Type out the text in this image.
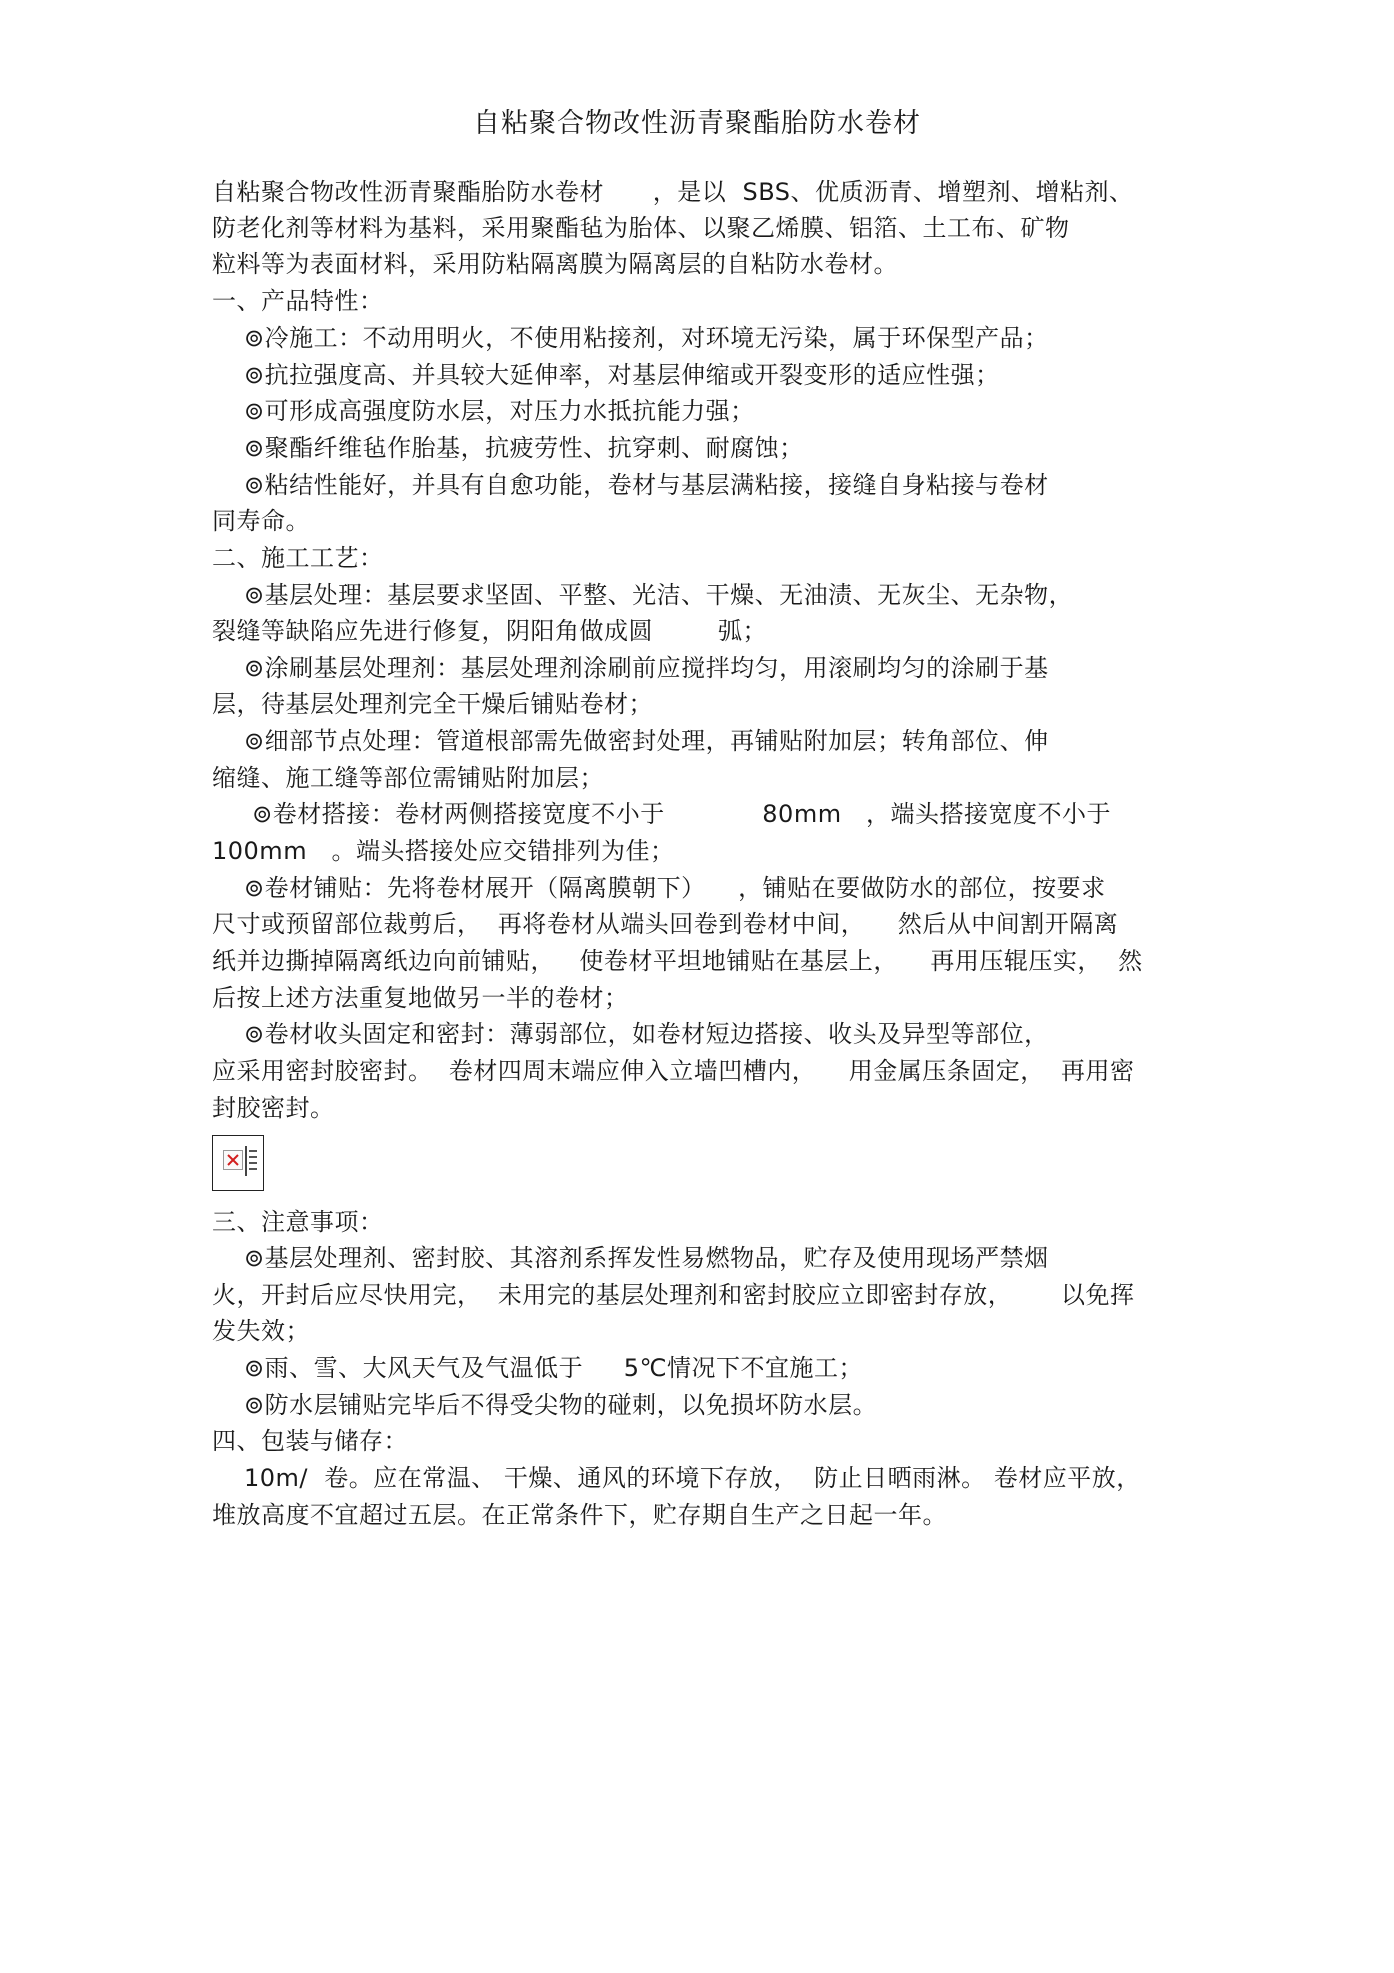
自粘聚合物改性沥青聚酯胎防水卷材
自粘聚合物改性沥青聚酯胎防水卷材      ，是以  SBS、优质沥青、增塑剂、增粘剂、
防老化剂等材料为基料，采用聚酯毡为胎体、以聚乙烯膜、铝箔、土工布、矿物
粒料等为表面材料，采用防粘隔离膜为隔离层的自粘防水卷材。
一、产品特性：
⊚冷施工：不动用明火，不使用粘接剂，对环境无污染，属于环保型产品；
⊚抗拉强度高、并具较大延伸率，对基层伸缩或开裂变形的适应性强；
⊚可形成高强度防水层，对压力水抵抗能力强；
⊚聚酯纤维毡作胎基，抗疲劳性、抗穿刺、耐腐蚀；
⊚粘结性能好，并具有自愈功能，卷材与基层满粘接，接缝自身粘接与卷材
同寿命。
二、施工工艺：
⊚基层处理：基层要求坚固、平整、光洁、干燥、无油渍、无灰尘、无杂物，
裂缝等缺陷应先进行修复，阴阳角做成圆        弧；
⊚涂刷基层处理剂：基层处理剂涂刷前应搅拌均匀，用滚刷均匀的涂刷于基
层，待基层处理剂完全干燥后铺贴卷材；
⊚细部节点处理：管道根部需先做密封处理，再铺贴附加层；转角部位、伸
缩缝、施工缝等部位需铺贴附加层；
⊚卷材搭接：卷材两侧搭接宽度不小于            80mm   ，端头搭接宽度不小于
100mm   。端头搭接处应交错排列为佳；
⊚卷材铺贴：先将卷材展开（隔离膜朝下）    ，铺贴在要做防水的部位，按要求
尺寸或预留部位裁剪后，  再将卷材从端头回卷到卷材中间，    然后从中间割开隔离
纸并边撕掉隔离纸边向前铺贴，   使卷材平坦地铺贴在基层上，    再用压辊压实，  然
后按上述方法重复地做另一半的卷材；
⊚卷材收头固定和密封：薄弱部位，如卷材短边搭接、收头及异型等部位，
应采用密封胶密封。  卷材四周末端应伸入立墙凹槽内，    用金属压条固定，  再用密
封胶密封。
三、注意事项：
⊚基层处理剂、密封胶、其溶剂系挥发性易燃物品，贮存及使用现场严禁烟
火，开封后应尽快用完，  未用完的基层处理剂和密封胶应立即密封存放，      以免挥
发失效；
⊚雨、雪、大风天气及气温低于     5℃情况下不宜施工；
⊚防水层铺贴完毕后不得受尖物的碰刺，以免损坏防水层。
四、包装与储存：
10m/  卷。应在常温、 干燥、通风的环境下存放，  防止日晒雨淋。 卷材应平放，
堆放高度不宜超过五层。在正常条件下，贮存期自生产之日起一年。
